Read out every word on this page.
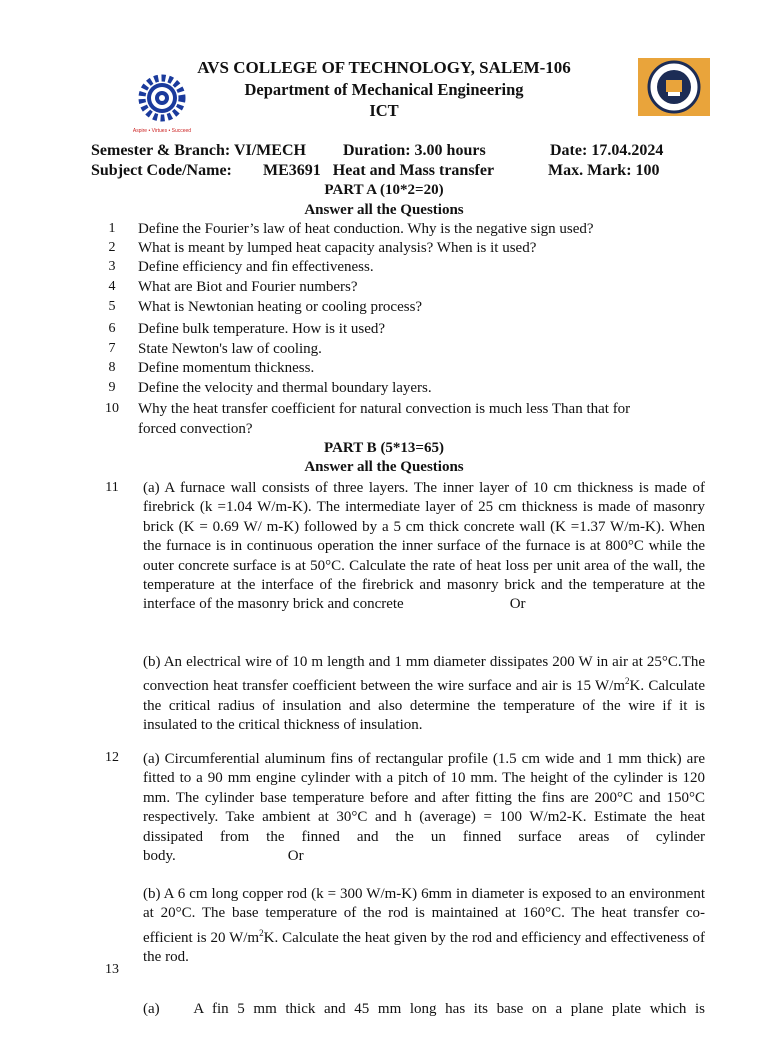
Aspire • Virtues • Succeed
AVS COLLEGE OF TECHNOLOGY, SALEM-106
Department of Mechanical Engineering
ICT
Semester & Branch: VI/MECH Duration: 3.00 hours	Date: 17.04.2024
Subject Code/Name: ME3691   Heat and Mass transfer	Max. Mark: 100
PART A (10*2=20)
Answer all the Questions
1	Define the Fourier’s law of heat conduction. Why is the negative sign used?
2	What is meant by lumped heat capacity analysis? When is it used?
3	Define efficiency and fin effectiveness.
4	What are Biot and Fourier numbers?
5	What is Newtonian heating or cooling process?
6	Define bulk temperature. How is it used?
7	State Newton's law of cooling.
8	Define momentum thickness.
9	Define the velocity and thermal boundary layers.
10	Why the heat transfer coefficient for natural convection is much less Than that for
forced convection?
PART B (5*13=65)
Answer all the Questions
11	(a) A furnace wall consists of three layers. The inner layer of 10 cm thickness is made of firebrick (k =1.04 W/m-K). The intermediate layer of 25 cm thickness is made of masonry brick (K = 0.69 W/ m-K) followed by a 5 cm thick concrete wall (K =1.37 W/m-K). When the furnace is in continuous operation the inner surface of the furnace is at 800°C while the outer concrete surface is at 50°C. Calculate the rate of heat loss per unit area of the wall, the temperature at the interface of the firebrick and masonry brick and the temperature at the interface of the masonry brick and concrete	Or

(b) An electrical wire of 10 m length and 1 mm diameter dissipates 200 W in air at 25°C.The convection heat transfer coefficient between the wire surface and air is 15 $W/m^2K$. Calculate the critical radius of insulation and also determine the temperature of the wire if it is insulated to the critical thickness of insulation.

12	(a) Circumferential aluminum fins of rectangular profile (1.5 cm wide and 1 mm thick) are fitted to a 90 mm engine cylinder with a pitch of 10 mm. The height of the cylinder is 120 mm. The cylinder base temperature before and after fitting the fins are 200°C and 150°C respectively. Take ambient at 30°C and h (average) = 100 W/m2-K. Estimate the heat dissipated from the finned and the un finned surface areas of cylinder body.	Or

(b) A 6 cm long copper rod (k = 300 W/m-K) 6mm in diameter is exposed to an environment at 20°C. The base temperature of the rod is maintained at 160°C. The heat transfer co-efficient is 20 $W/m^2K$. Calculate the heat given by the rod and efficiency and effectiveness of the rod.

13

(a)    A fin 5 mm thick and 45 mm long has its base on a plane plate which is
